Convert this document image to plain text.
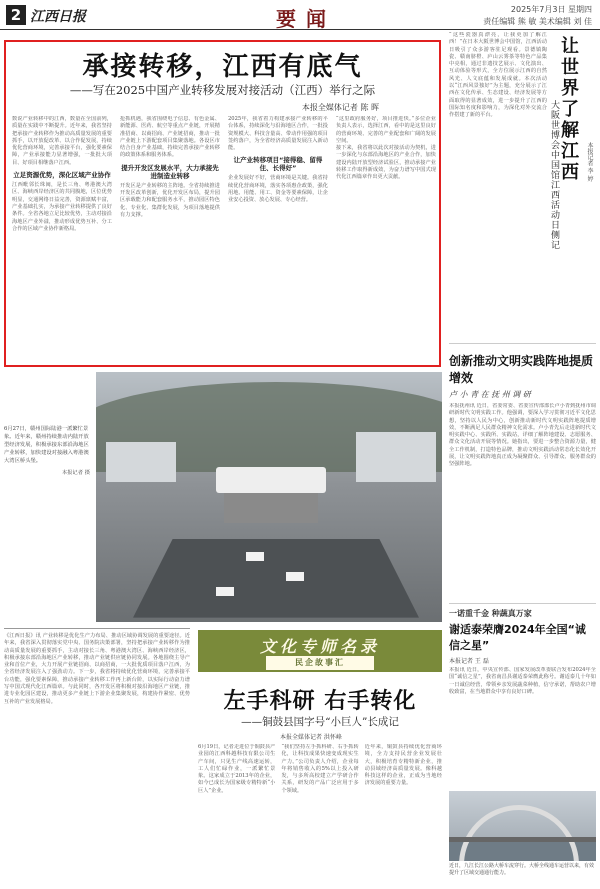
2 江西日报	要闻	2025年7月3日 星期四
责任编辑 熊 敏 美术编辑 刘 佳
承接转移，江西有底气
——写在2025中国产业转移发展对接活动（江西）举行之际
本报全媒体记者 陈 晖

数说产业转移中的江西，数量在全国前列，质量在实践中不断提升。近年来，我省坚持把承接产业转移作为推动高质量发展的重要抓手，以开放促改革、以合作促发展，持续优化营商环境，完善承接平台，强化要素保障，产业承接能力显著增强，一批批大项目、好项目相继落户江西。

立足资源优势，深化区域产业协作

江西毗邻长珠闽，是长三角、粤港澳大湾区、海峡西岸经济区的共同腹地，区位优势明显，交通网络日益完善，资源禀赋丰富，产业基础扎实，为承接产业转移提供了良好条件。全省各地立足比较优势，主动对接沿海地区产业外溢，推动形成优势互补、分工合作的区域产业协作新格局。

抢抓机遇，我省围绕电子信息、有色金属、新能源、医药、航空等重点产业链，开展精准招商、以商招商、产业链招商，推动一批产业链上下游配套项目集聚落地。各设区市结合自身产业基础，持续完善承接产业转移的政策体系和服务体系。

提升开发区发展水平，大力承接先进制造业转移

开发区是产业转移的主阵地。全省持续推进开发区改革创新，优化开发区布局，提升园区承载能力和配套服务水平，推动园区特色化、专业化、集群化发展，为项目落地提供有力支撑。

2025年，我省着力构建承接产业转移的平台体系，持续深化与沿海地区合作，一批投资规模大、科技含量高、带动作用强的项目签约落户，为全省经济高质量发展注入新动能。

让产业转移项目“接得稳、留得住、长得好”

企业发展好不好，营商环境是关键。我省持续优化营商环境，落实各项惠企政策，强化用地、用能、用工、资金等要素保障，让企业安心投资、放心发展、专心经营。

“这里政府服务好，项目推进快。”多位企业负责人表示，选择江西，看中的是这里良好的营商环境、完善的产业配套和广阔的发展空间。

接下来，我省将以此次对接活动为契机，进一步深化与东部沿海地区的产业合作，加快建设内陆开放型经济试验区，推动承接产业转移工作取得新成效，为奋力谱写中国式现代化江西篇章作出更大贡献。

“这些瓷器真漂亮，让我更加了解江西！”在日本大阪世博会中国馆，江西活动日吸引了众多游客驻足观看。景德镇陶瓷、赣南脐橙、庐山云雾茶等特色产品集中亮相，通过非遗技艺展示、文化演出、互动体验等形式，全方位展示江西的自然风光、人文底蕴和发展成就。本次活动以“江西风景独好”为主题，充分展示了江西在文化传承、生态建设、经济发展等方面取得的显著成效，进一步提升了江西的国际知名度和影响力，为深化对外交流合作搭建了新的平台。	大阪世博会中国馆江西活动日侧记 让世界了解江西	本报记者 李 婷
创新推动文明实践阵地提质增效
卢 小 青 在 抚 州 调 研
本报抚州讯 近日，省委常委、省委宣传部部长卢小青到抚州市调研新时代文明实践工作。他强调，要深入学习贯彻习近平文化思想，坚持以人民为中心，创新推动新时代文明实践阵地提质增效，不断满足人民群众精神文化需求。卢小青先后走进新时代文明实践中心、实践所、实践站，详细了解阵地建设、志愿服务、群众文化活动开展等情况。她指出，要进一步整合资源力量，健全工作机制，打造特色品牌，推动文明实践活动常态化长效化开展，让文明实践阵地真正成为凝聚群众、引导群众、服务群众的坚强阵地。
一诺重千金 种蔬真万家
谢适泰荣膺2024年全国“诚信之星”
本报记者 王 磊
本报讯 近日，中央宣传部、国家发展改革委联合发布2024年全国“诚信之星”，我省南昌县谢适泰荣膺此称号。谢适泰几十年如一日诚信经营，带领乡亲发展蔬菜种植，信守承诺，帮助农户增收致富，在当地群众中享有良好口碑。
近日，九江长江公路大桥车流穿行。大桥全线通车运营以来，有效提升了区域交通通行能力。
6月27日，赣州国际陆港一派繁忙景象。近年来，赣州持续推动内陆开放型经济发展，积极承接东部沿海地区产业转移，加快建设对接融入粤港澳大湾区桥头堡。
本报记者 摄
《江西日报》讯 产业转移是优化生产力布局、推动区域协调发展的重要途径。近年来，我省深入贯彻落实党中央、国务院决策部署，坚持把承接产业转移作为推动高质量发展的重要抓手，主动对接长三角、粤港澳大湾区、海峡西岸经济区，积极承接东部沿海地区产业转移，推动产业链供应链协同发展。各地围绕主导产业和首位产业，大力开展产业链招商、以商招商，一大批优质项目落户江西，为全省经济发展注入了强劲动力。下一步，我省将持续优化营商环境，完善承接平台功能，强化要素保障，推动承接产业转移工作再上新台阶，以实际行动奋力谱写中国式现代化江西篇章。与此同时，各开发区将积极对接沿海地区产业链，推进专业化园区建设，推动更多产业链上下游企业集聚发展，构建协作紧密、优势互补的产业发展格局。
文化专师名录
民企故事汇
左手科研 右手转化
——铜鼓县国字号“小巨人”长成记
本报全媒体记者 洪怀峰
6月19日，记者走进位于铜鼓县产业园的江西科越科技有限公司生产车间，只见生产线高速运转，工人们忙碌作业，一派繁忙景象。这家成立于2013年的企业，如今已成长为国家级专精特新“小巨人”企业。
“我们坚持左手抓科研、右手抓转化，让科技成果快速变成现实生产力。”公司负责人介绍，企业每年将销售收入的5%以上投入研发，与多所高校建立产学研合作关系，研发的产品广泛应用于多个领域。
近年来，铜鼓县持续优化营商环境，全力支持民营企业发展壮大，积极培育专精特新企业，推动县域经济高质量发展。像科越科技这样的企业，正成为当地经济发展的重要力量。
